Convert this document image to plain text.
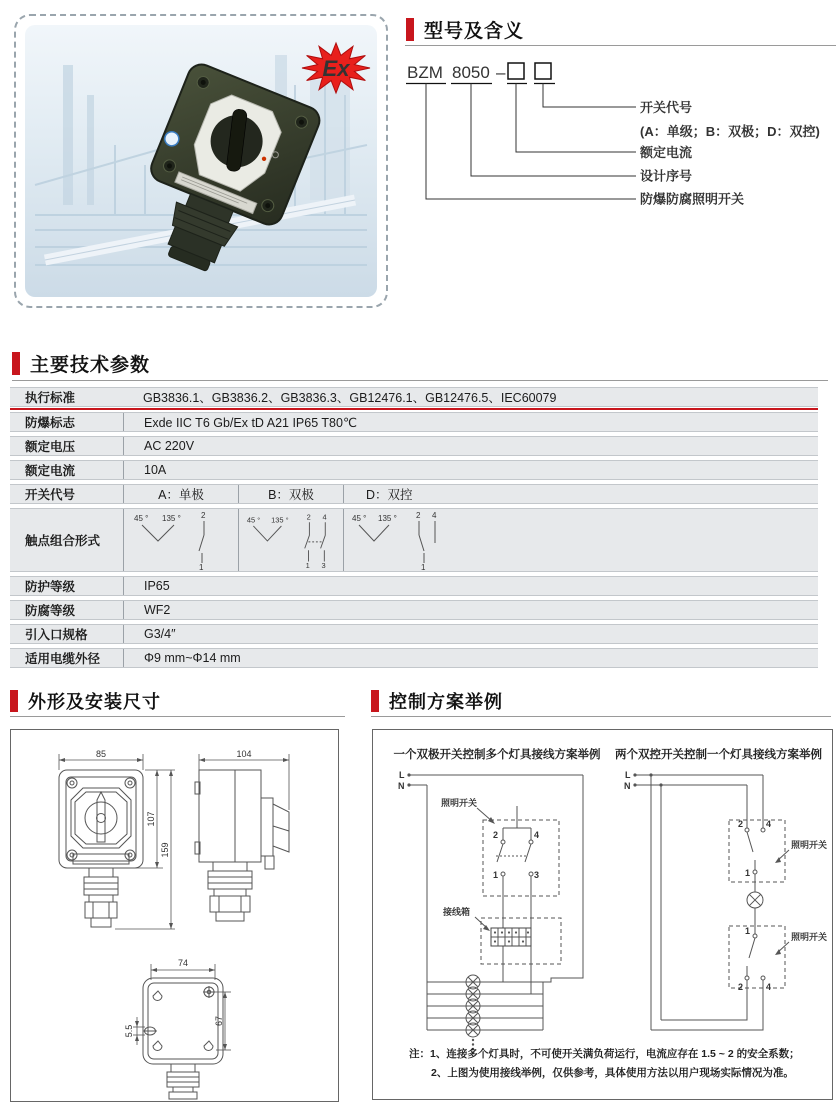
Ex
型号及含义
BZM 8050 –
开关代号
(A：单级；B：双极；D：双控)
额定电流
设计序号
防爆防腐照明开关
主要技术参数
执行标准	GB3836.1、GB3836.2、GB3836.3、GB12476.1、GB12476.5、IEC60079
防爆标志	Exde IIC T6 Gb/Ex tD A21 IP65 T80℃
额定电压	AC 220V
额定电流	10A
开关代号	A：单极	B：双极	D：双控
触点组合形式
45 ° 135 °	2
1
45 ° 135 ° 2 4
1 3
45 ° 135 ° 2 4
1
防护等级	IP65
防腐等级	WF2
引入口规格	G3/4″
适用电缆外径	Φ9 mm~Φ14 mm
外形及安装尺寸
85
107
159
104
74
5.5
67
控制方案举例
一个双极开关控制多个灯具接线方案举例	两个双控开关控制一个灯具接线方案举例
L
N
照明开关
2	4
1	3
接线箱
L
N
2	4
1
照明开关
1
2	4
照明开关
注：1、连接多个灯具时，不可使开关满负荷运行，电流应存在 1.5 ~ 2 的安全系数；
2、上图为使用接线举例，仅供参考，具体使用方法以用户现场实际情况为准。
